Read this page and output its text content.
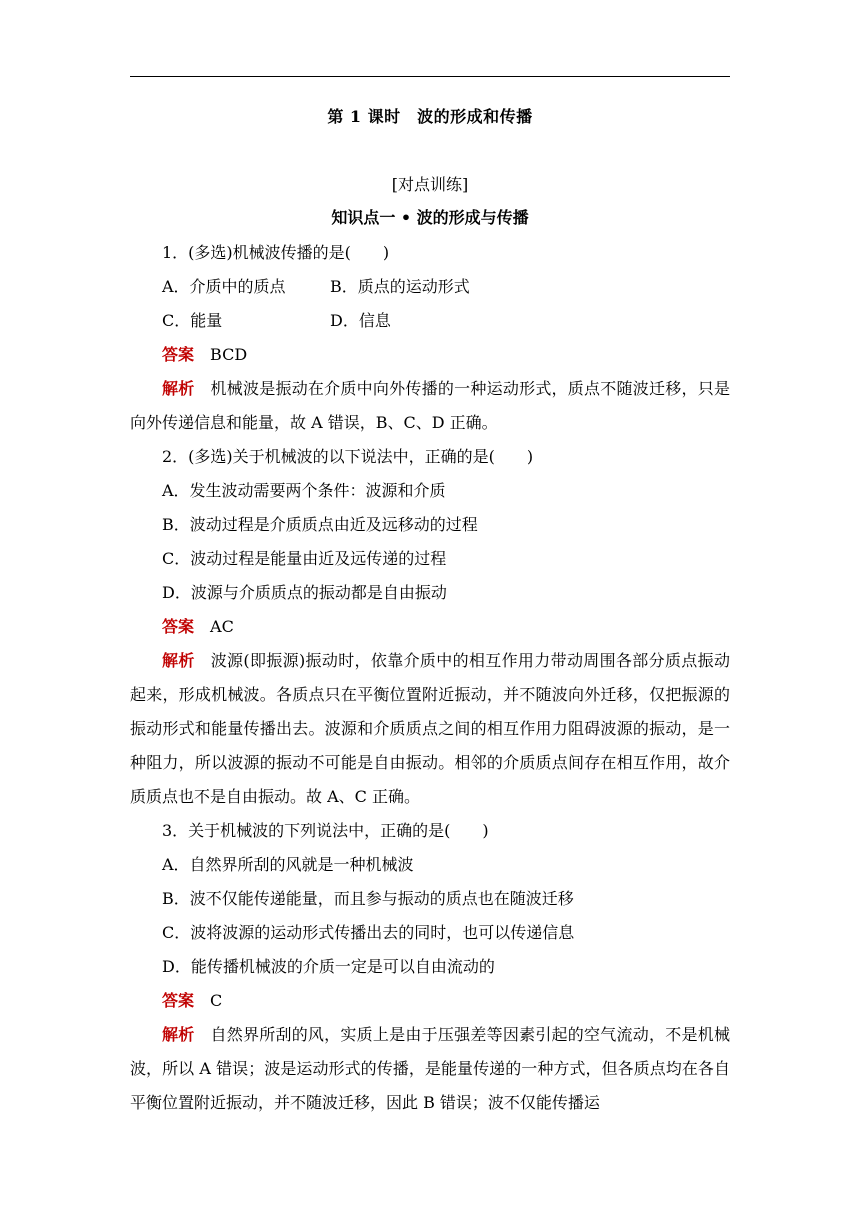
第 1 课时　波的形成和传播
[对点训练]
知识点一 • 波的形成与传播

1．(多选)机械波传播的是(　　)

A．介质中的质点	B．质点的运动形式
C．能量	D．信息

答案 BCD

解析 机械波是振动在介质中向外传播的一种运动形式，质点不随波迁移，只是向外传递信息和能量，故 A 错误，B、C、D 正确。

2．(多选)关于机械波的以下说法中，正确的是(　　)

A．发生波动需要两个条件：波源和介质

B．波动过程是介质质点由近及远移动的过程

C．波动过程是能量由近及远传递的过程

D．波源与介质质点的振动都是自由振动

答案 AC

解析 波源(即振源)振动时，依靠介质中的相互作用力带动周围各部分质点振动起来，形成机械波。各质点只在平衡位置附近振动，并不随波向外迁移，仅把振源的振动形式和能量传播出去。波源和介质质点之间的相互作用力阻碍波源的振动，是一种阻力，所以波源的振动不可能是自由振动。相邻的介质质点间存在相互作用，故介质质点也不是自由振动。故 A、C 正确。

3．关于机械波的下列说法中，正确的是(　　)

A．自然界所刮的风就是一种机械波

B．波不仅能传递能量，而且参与振动的质点也在随波迁移

C．波将波源的运动形式传播出去的同时，也可以传递信息

D．能传播机械波的介质一定是可以自由流动的

答案 C

解析 自然界所刮的风，实质上是由于压强差等因素引起的空气流动，不是机械波，所以 A 错误；波是运动形式的传播，是能量传递的一种方式，但各质点均在各自平衡位置附近振动，并不随波迁移，因此 B 错误；波不仅能传播运
